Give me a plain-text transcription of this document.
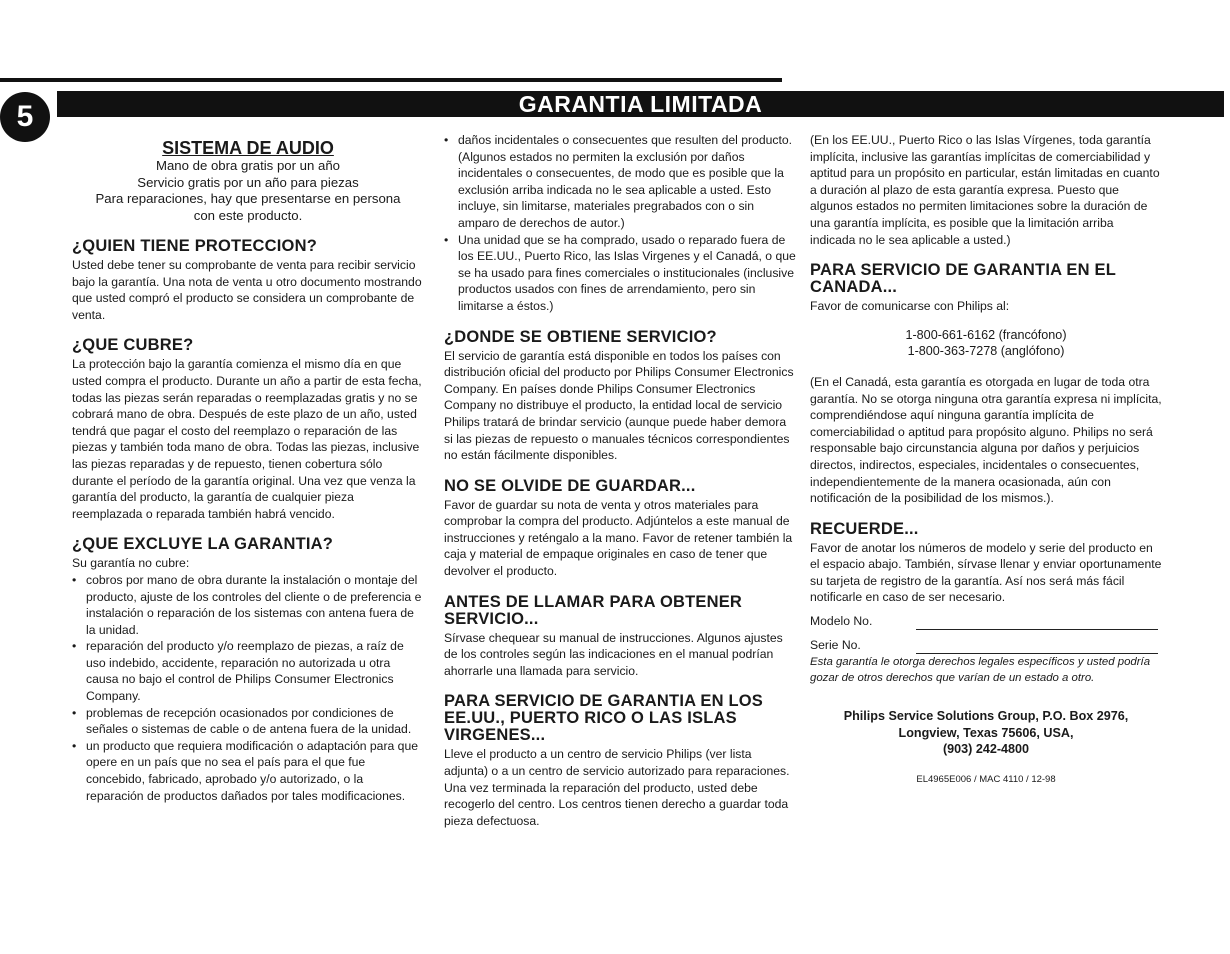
5	GARANTIA LIMITADA
SISTEMA DE AUDIO
Mano de obra gratis por un año
Servicio gratis por un año para piezas
Para reparaciones, hay que presentarse en persona
con este producto.
¿QUIEN TIENE PROTECCION?

Usted debe tener su comprobante de venta para recibir servicio bajo la garantía. Una nota de venta u otro documento mostrando que usted compró el producto se considera un comprobante de venta.

¿QUE CUBRE?

La protección bajo la garantía comienza el mismo día en que usted compra el producto. Durante un año a partir de esta fecha, todas las piezas serán reparadas o reemplazadas gratis y no se cobrará mano de obra. Después de este plazo de un año, usted tendrá que pagar el costo del reemplazo o reparación de las piezas y también toda mano de obra. Todas las piezas, inclusive las piezas reparadas y de repuesto, tienen cobertura sólo durante el período de la garantía original. Una vez que venza la garantía del producto, la garantía de cualquier pieza reemplazada o reparada también habrá vencido.

¿QUE EXCLUYE LA GARANTIA?

Su garantía no cubre:

• cobros por mano de obra durante la instalación o montaje del producto, ajuste de los controles del cliente o de preferencia e instalación o reparación de los sistemas con antena fuera de la unidad.
• reparación del producto y/o reemplazo de piezas, a raíz de uso indebido, accidente, reparación no autorizada u otra causa no bajo el control de Philips Consumer Electronics Company.
• problemas de recepción ocasionados por condiciones de señales o sistemas de cable o de antena fuera de la unidad.
• un producto que requiera modificación o adaptación para que opere en un país que no sea el país para el que fue concebido, fabricado, aprobado y/o autorizado, o la reparación de productos dañados por tales modificaciones.
• daños incidentales o consecuentes que resulten del producto. (Algunos estados no permiten la exclusión por daños incidentales o consecuentes, de modo que es posible que la exclusión arriba indicada no le sea aplicable a usted. Esto incluye, sin limitarse, materiales pregrabados con o sin amparo de derechos de autor.)
• Una unidad que se ha comprado, usado o reparado fuera de los EE.UU., Puerto Rico, las Islas Virgenes y el Canadá, o que se ha usado para fines comerciales o institucionales (inclusive productos usados con fines de arrendamiento, pero sin limitarse a éstos.)
¿DONDE SE OBTIENE SERVICIO?

El servicio de garantía está disponible en todos los países con distribución oficial del producto por Philips Consumer Electronics Company. En países donde Philips Consumer Electronics Company no distribuye el producto, la entidad local de servicio Philips tratará de brindar servicio (aunque puede haber demora si las piezas de repuesto o manuales técnicos correspondientes no están fácilmente disponibles.

NO SE OLVIDE DE GUARDAR...

Favor de guardar su nota de venta y otros materiales para comprobar la compra del producto. Adjúntelos a este manual de instrucciones y reténgalo a la mano. Favor de retener también la caja y material de empaque originales en caso de tener que devolver el producto.

ANTES DE LLAMAR PARA OBTENER SERVICIO...

Sírvase chequear su manual de instrucciones. Algunos ajustes de los controles según las indicaciones en el manual podrían ahorrarle una llamada para servicio.

PARA SERVICIO DE GARANTIA EN LOS EE.UU., PUERTO RICO O LAS ISLAS VIRGENES...

Lleve el producto a un centro de servicio Philips (ver lista adjunta) o a un centro de servicio autorizado para reparaciones. Una vez terminada la reparación del producto, usted debe recogerlo del centro. Los centros tienen derecho a guardar toda pieza defectuosa.

(En los EE.UU., Puerto Rico o las Islas Vírgenes, toda garantía implícita, inclusive las garantías implícitas de comerciabilidad y aptitud para un propósito en particular, están limitadas en cuanto a duración al plazo de esta garantía expresa. Puesto que algunos estados no permiten limitaciones sobre la duración de una garantía implícita, es posible que la limitación arriba indicada no le sea aplicable a usted.)

PARA SERVICIO DE GARANTIA EN EL CANADA...

Favor de comunicarse con Philips al:

1-800-661-6162 (francófono)
1-800-363-7278 (anglófono)

(En el Canadá, esta garantía es otorgada en lugar de toda otra garantía. No se otorga ninguna otra garantía expresa ni implícita, comprendiéndose aquí ninguna garantía implícita de comerciabilidad o aptitud para propósito alguno. Philips no será responsable bajo circunstancia alguna por daños y perjuicios directos, indirectos, especiales, incidentales o consecuentes, independientemente de la manera ocasionada, aún con notificación de la posibilidad de los mismos.).

RECUERDE...

Favor de anotar los números de modelo y serie del producto en el espacio abajo. También, sírvase llenar y enviar oportunamente su tarjeta de registro de la garantía. Así nos será más fácil notificarle en caso de ser necesario.

Modelo No.
Serie No.

Esta garantía le otorga derechos legales específicos y usted podría gozar de otros derechos que varían de un estado a otro.

Philips Service Solutions Group, P.O. Box 2976,
Longview, Texas 75606, USA,
(903) 242-4800
EL4965E006 / MAC 4110 / 12-98
